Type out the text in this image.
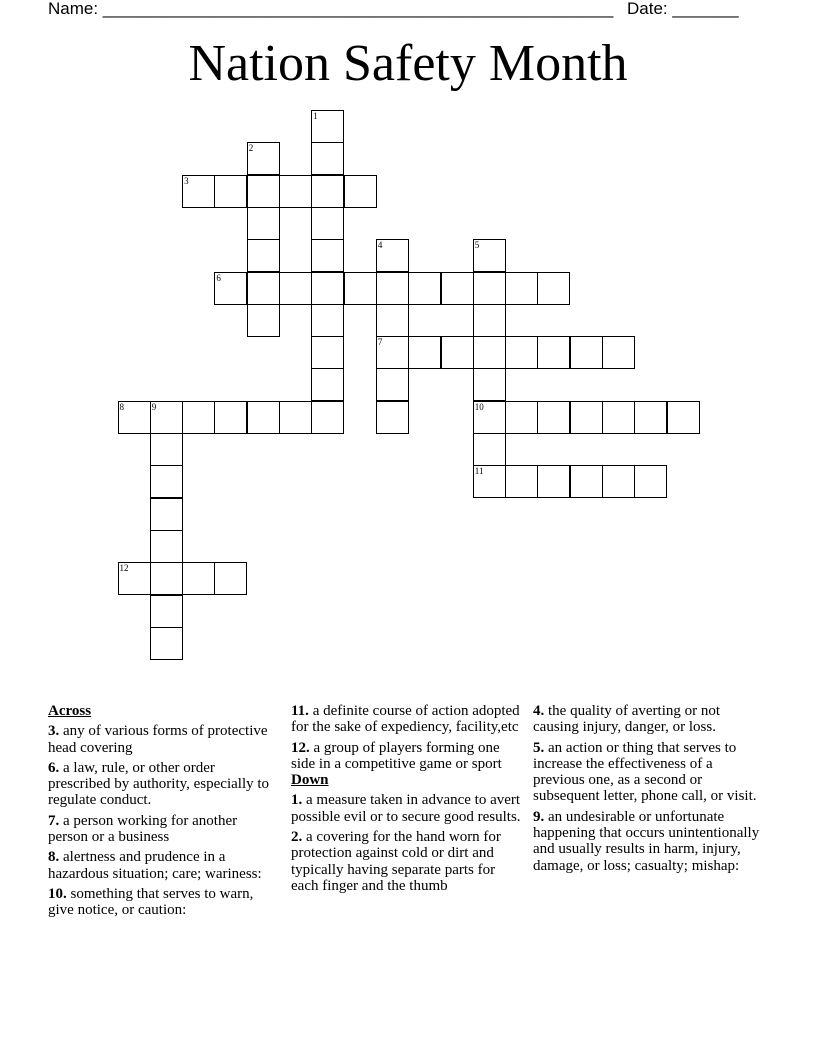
Name: ______________________________________________________ Date: _______
Nation Safety Month
1
2
3
4
7
5
10
11
6
8	9
12
Across
3. any of various forms of protective head covering
6. a law, rule, or other order prescribed by authority, especially to regulate conduct.
7. a person working for another person or a business
8. alertness and prudence in a hazardous situation; care; wariness:
10. something that serves to warn, give notice, or caution:
11. a definite course of action adopted for the sake of expediency, facility,etc
12. a group of players forming one side in a competitive game or sport
Down
1. a measure taken in advance to avert possible evil or to secure good results.
2. a covering for the hand worn for protection against cold or dirt and typically having separate parts for each finger and the thumb
4. the quality of averting or not causing injury, danger, or loss.
5. an action or thing that serves to increase the effectiveness of a previous one, as a second or subsequent letter, phone call, or visit.
9. an undesirable or unfortunate happening that occurs unintentionally and usually results in harm, injury, damage, or loss; casualty; mishap:
